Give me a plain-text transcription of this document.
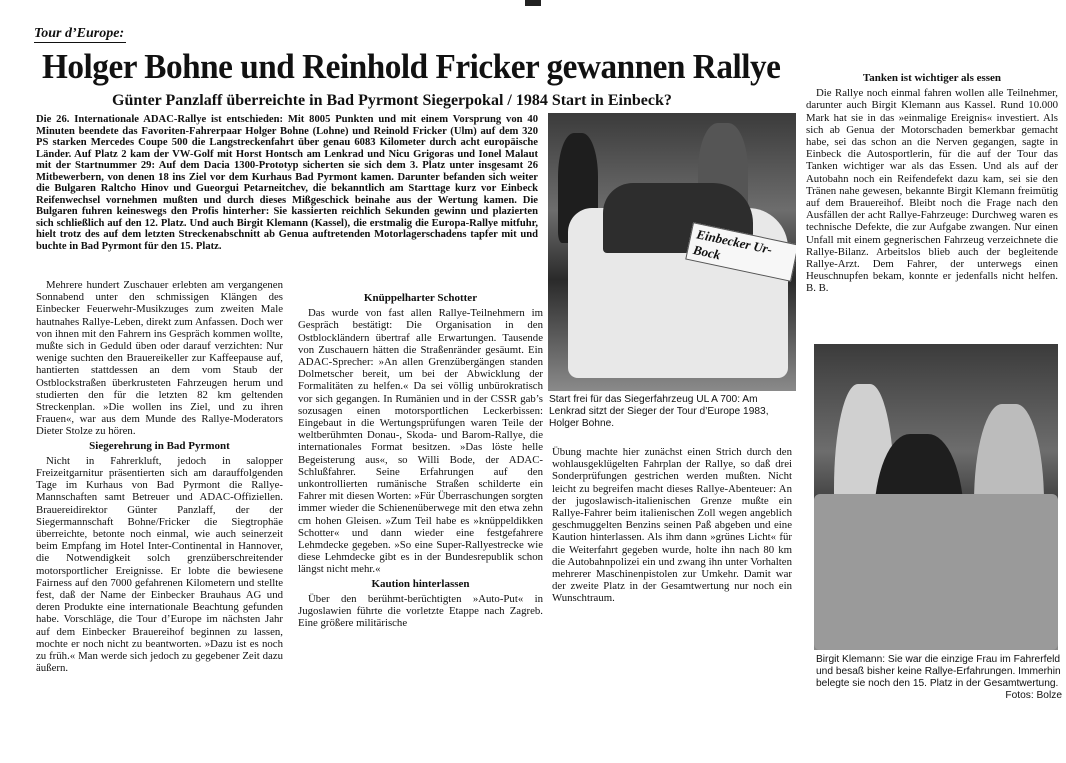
Tour d’Europe:
Holger Bohne und Reinhold Fricker gewannen Rallye
Günter Panzlaff überreichte in Bad Pyrmont Siegerpokal / 1984 Start in Einbeck?
Die 26. Internationale ADAC-Rallye ist entschieden: Mit 8005 Punkten und mit einem Vorsprung von 40 Minuten beendete das Favoriten-Fahrerpaar Holger Bohne (Lohne) und Reinold Fricker (Ulm) auf dem 320 PS starken Mercedes Coupe 500 die Langstreckenfahrt über genau 6083 Kilometer durch acht europäische Länder. Auf Platz 2 kam der VW-Golf mit Horst Hontsch am Lenkrad und Nicu Grigoras und Ionel Malaut mit der Startnummer 29: Auf dem Dacia 1300-Prototyp sicherten sie sich dem 3. Platz unter insgesamt 26 Mitbewerbern, von denen 18 ins Ziel vor dem Kurhaus Bad Pyrmont kamen. Darunter befanden sich weiter die Bulgaren Raltcho Hinov und Gueorgui Petarneitchev, die bekanntlich am Starttage kurz vor Einbeck Reifenwechsel vornehmen mußten und durch dieses Mißgeschick beinahe aus der Wertung kamen. Die Bulgaren fuhren keineswegs den Profis hinterher: Sie kassierten reichlich Sekunden gewinn und plazierten sich schließlich auf den 12. Platz. Und auch Birgit Klemann (Kassel), die erstmalig die Europa-Rallye mitfuhr, hielt trotz des auf dem letzten Streckenabschnitt ab Genua auftretenden Motorlagerschadens tapfer mit und buchte in Bad Pyrmont für den 15. Platz.

Mehrere hundert Zuschauer erlebten am vergangenen Sonnabend unter den schmissigen Klängen des Einbecker Feuerwehr-Musikzuges zum zweiten Male hautnahes Rallye-Leben, direkt zum Anfassen. Doch wer von ihnen mit den Fahrern ins Gespräch kommen wollte, mußte sich in Geduld üben oder darauf verzichten: Nur wenige suchten den Brauereikeller zur Kaffeepause auf, hantierten stattdessen an dem vom Staub der Ostblockstraßen überkrusteten Fahrzeugen herum und studierten den für die letzten 82 km geltenden Streckenplan. »Die wollen ins Ziel, und zu ihren Frauen«, war aus dem Munde des Rallye-Moderators Dieter Stolze zu hören.

Siegerehrung in Bad Pyrmont

Nicht in Fahrerkluft, jedoch in salopper Freizeitgarnitur präsentierten sich am darauffolgenden Tage im Kurhaus von Bad Pyrmont die Rallye-Mannschaften samt Betreuer und ADAC-Offiziellen. Brauereidirektor Günter Panzlaff, der der Siegermannschaft Bohne/Fricker die Siegtrophäe überreichte, betonte noch einmal, wie auch seinerzeit beim Empfang im Hotel Inter-Continental in Hannover, die Notwendigkeit solch grenzüberschreitender motorsportlicher Ereignisse. Er lobte die bewiesene Fairness auf den 7000 gefahrenen Kilometern und stellte fest, daß der Name der Einbecker Brauhaus AG und deren Produkte eine internationale Beachtung gefunden habe. Vorschläge, die Tour d’Europe im nächsten Jahr auf dem Einbecker Brauereihof beginnen zu lassen, mochte er noch nicht zu beantworten. »Dazu ist es noch zu früh.« Man werde sich jedoch zu gegebener Zeit dazu äußern.

Knüppelharter Schotter

Das wurde von fast allen Rallye-Teilnehmern im Gespräch bestätigt: Die Organisation in den Ostblockländern übertraf alle Erwartungen. Tausende von Zuschauern hätten die Straßenränder gesäumt. Ein ADAC-Sprecher: »An allen Grenzübergängen standen Dolmetscher bereit, um bei der Abwicklung der Formalitäten zu helfen.« Da sei völlig unbürokratisch vor sich gegangen. In Rumänien und in der CSSR gab’s sozusagen einen motorsportlichen Leckerbissen: Eingebaut in die Wertungsprüfungen waren Teile der weltberühmten Donau-, Skoda- und Barom-Rallye, die internationales Format besitzen. »Das löste helle Begeisterung aus«, so Willi Bode, der ADAC-Schlußfahrer. Seine Erfahrungen auf den unkontrollierten rumänische Straßen schilderte ein Fahrer mit diesen Worten: »Für Überraschungen sorgten immer wieder die Schienenüberwege mit den etwa zehn cm hohen Gleisen. »Zum Teil habe es »knüppeldikken Schotter« und dann wieder eine festgefahrere Lehmdecke gegeben. »So eine Super-Rallyestrecke wie diese Lehmdecke gibt es in der Bundesrepublik schon längst nicht mehr.«

Kaution hinterlassen

Über den berühmt-berüchtigten »Auto-Put« in Jugoslawien führte die vorletzte Etappe nach Zagreb. Eine größere militärische

Einbecker Ur-Bock
Start frei für das Siegerfahrzeug UL A 700: Am Lenkrad sitzt der Sieger der Tour d’Europe 1983, Holger Bohne.

Übung machte hier zunächst einen Strich durch den wohlausgeklügelten Fahrplan der Rallye, so daß drei Sonderprüfungen gestrichen werden mußten. Nicht leicht zu begreifen macht dieses Rallye-Abenteuer: An der jugoslawisch-italienischen Grenze mußte ein Rallye-Fahrer beim italienischen Zoll wegen angeblich geschmuggelten Benzins seinen Paß abgeben und eine Kaution hinterlassen. Als ihm dann »grünes Licht« für die Weiterfahrt gegeben wurde, holte ihn nach 80 km die Autobahnpolizei ein und zwang ihn unter Vorhalten mehrerer Maschinenpistolen zur Umkehr. Damit war der zweite Platz in der Gesamtwertung nur noch ein Wunschtraum.

Tanken ist wichtiger als essen

Die Rallye noch einmal fahren wollen alle Teilnehmer, darunter auch Birgit Klemann aus Kassel. Rund 10.000 Mark hat sie in das »einmalige Ereignis« investiert. Als sich ab Genua der Motorschaden bemerkbar gemacht habe, sei das schon an die Nerven gegangen, sagte in Einbeck die Autosportlerin, für die auf der Tour das Tanken wichtiger war als das Essen. Und als auf der Autobahn noch ein Reifendefekt dazu kam, sei sie den Tränen nahe gewesen, bekannte Birgit Klemann freimütig auf dem Brauereihof. Bleibt noch die Frage nach den Ausfällen der acht Rallye-Fahrzeuge: Durchweg waren es technische Defekte, die zur Aufgabe zwangen. Nur einen Unfall mit einem gegnerischen Fahrzeug verzeichnete die Rallye-Bilanz. Arbeitslos blieb auch der begleitende Rallye-Arzt. Dem Fahrer, der unterwegs einen Heuschnupfen bekam, konnte er jedenfalls nicht helfen. B. B.

Birgit Klemann: Sie war die einzige Frau im Fahrerfeld und besaß bisher keine Rallye-Erfahrungen. Immerhin belegte sie noch den 15. Platz in der Gesamtwertung.
Fotos: Bolze
